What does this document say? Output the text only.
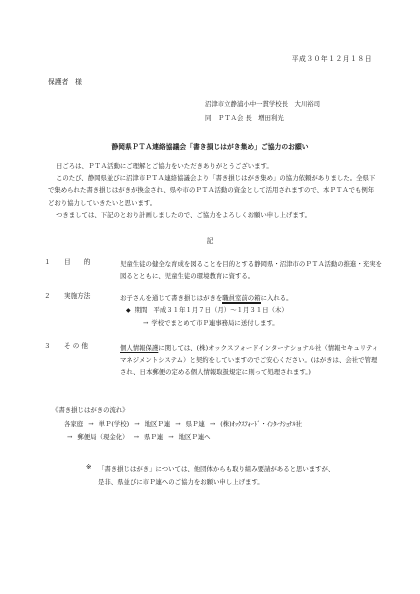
平成３０年１２月１８日
保護者　様
沼津市立静浦小中一貫学校長　大川裕司
同　ＰＴＡ会 長　増田利光
静岡県ＰＴＡ連絡協議会「書き損じはがき集め」ご協力のお願い
日ごろは、ＰＴＡ活動にご理解とご協力をいただきありがとうございます。
このたび、静岡県並びに沼津市ＰＴＡ連絡協議会より「書き損じはがき集め」の協力依頼がありました。全県下で集められた書き損じはがきが換金され、県や市のＰＴＡ活動の資金として活用されますので、本ＰＴＡでも例年どおり協力していきたいと思います。
つきましては、下記のとおり計画しましたので、ご協力をよろしくお願い申し上げます。
記
１ 目　　的	児童生徒の健全な育成を図ることを目的とする静岡県・沼津市のＰＴＡ活動の推進・充実を図るとともに、児童生徒の環境教育に資する。
２ 実施方法	お子さんを通じて書き損じはがきを職員室前の箱に入れる。
◆ 期間 平成３１年１月７日（月）～１月３１日（木）
→ 学校でまとめて市Ｐ連事務局に送付します。
３ そ の 他	個人情報保護に関しては、(株)オックスフォードインターナショナル社（情報セキュリティマネジメントシステム）と契約をしていますのでご安心ください。(はがきは、会社で管理され、日本郵便の定める個人情報取扱規定に則って処理されます。)
《書き損じはがきの流れ》
各家庭 → 単Ｐ(学校) → 地区Ｐ連 → 県Ｐ連 → (株)ｵｯｸｽﾌｫｰﾄﾞ・ｲﾝﾀｰﾅｼｮﾅﾙ社
→ 郵便局（現金化） → 県Ｐ連 → 地区Ｐ連へ
※ 「書き損じはがき」については、他団体からも取り組み要請があると思いますが、
是非、県並びに市Ｐ連へのご協力をお願い申し上げます。
